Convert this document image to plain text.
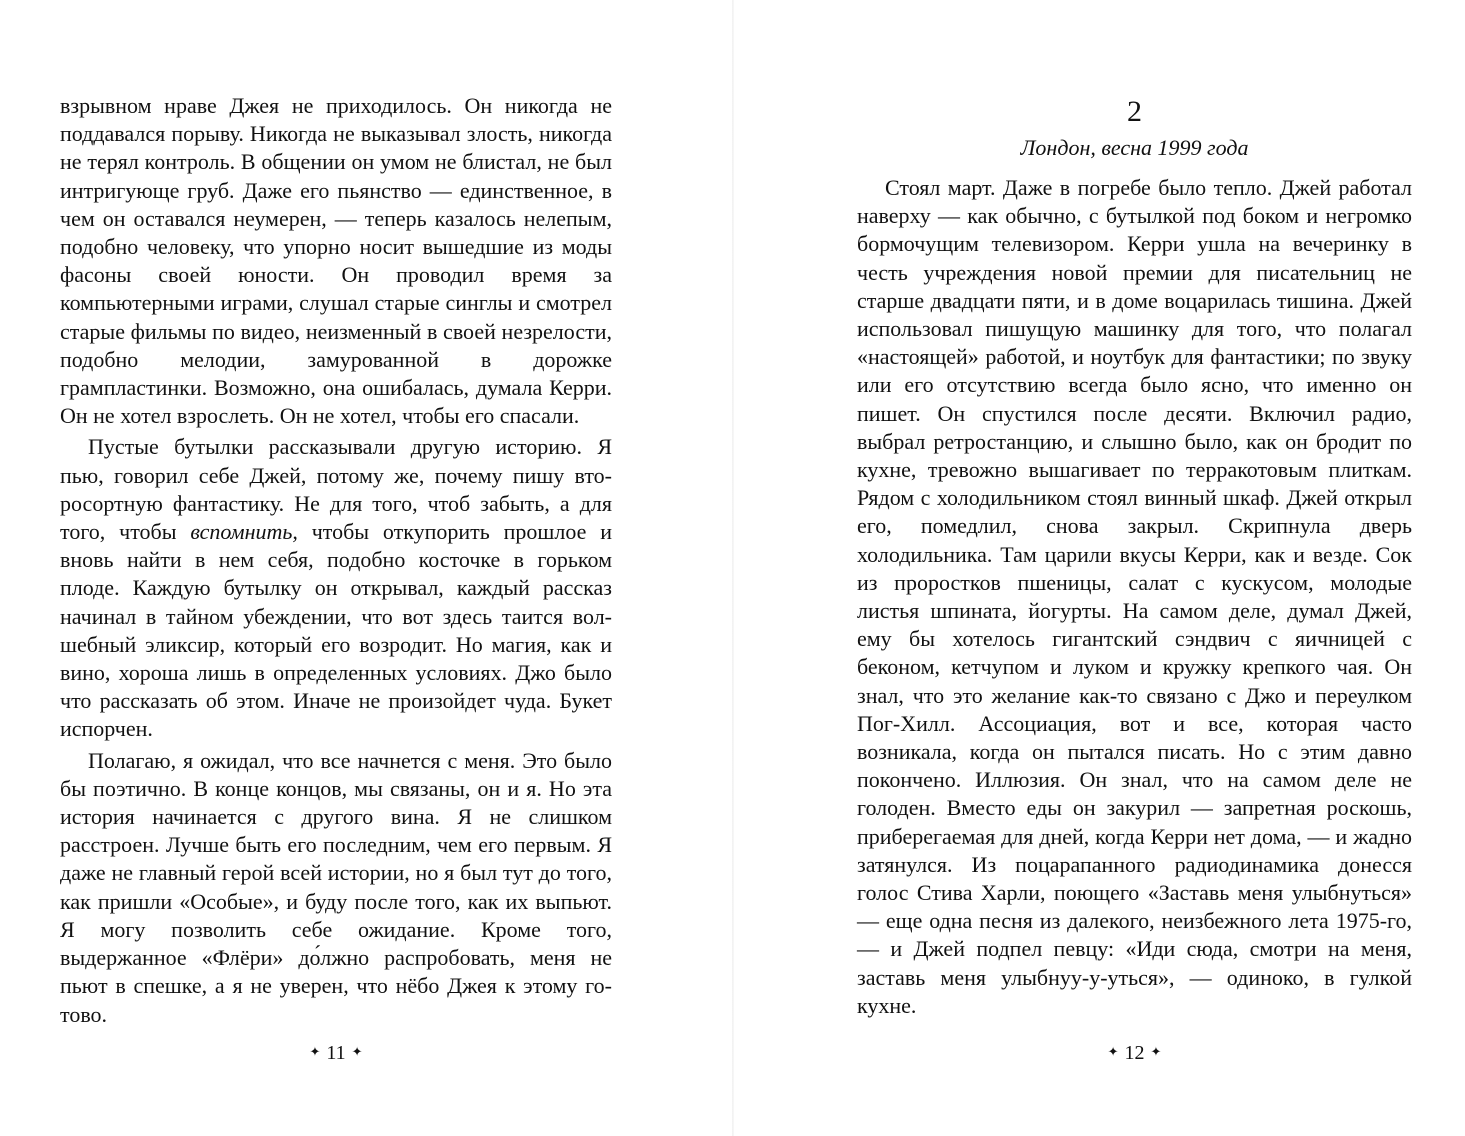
взрывном нраве Джея не приходилось. Он никогда не поддавался порыву. Никогда не выказывал злость, никогда не терял контроль. В общении он умом не блистал, не был интригующе груб. Даже его пьянство — единственное, в чем он оставался неумерен, — теперь казалось нелепым, подобно человеку, что упорно носит вышедшие из моды фасоны своей юности. Он проводил время за компьютерными играми, слушал старые синглы и смотрел старые фильмы по видео, неизменный в своей незрелости, подобно мелодии, замурованной в дорожке грампластинки. Возможно, она ошибалась, думала Керри. Он не хотел взрослеть. Он не хотел, чтобы его спасали.

Пустые бутылки рассказывали другую историю. Я пью, говорил себе Джей, потому же, почему пишу второсортную фантастику. Не для того, чтоб забыть, а для того, чтобы вспомнить, чтобы откупорить прошлое и вновь найти в нем себя, подобно косточке в горьком плоде. Каждую бутылку он открывал, каждый рассказ начинал в тайном убеждении, что вот здесь таится волшебный эликсир, который его возродит. Но магия, как и вино, хороша лишь в определенных условиях. Джо было что рассказать об этом. Иначе не произойдет чуда. Букет испорчен.

Полагаю, я ожидал, что все начнется с меня. Это было бы поэтично. В конце концов, мы связаны, он и я. Но эта история начинается с другого вина. Я не слишком расстроен. Лучше быть его последним, чем его первым. Я даже не главный герой всей истории, но я был тут до того, как пришли «Особые», и буду после того, как их выпьют. Я могу позволить себе ожидание. Кроме того, выдержанное «Флёри» до́лжно распробовать, меня не пьют в спешке, а я не уверен, что нёбо Джея к этому готово.

✦ 11 ✦
2
Лондон, весна 1999 года

Стоял март. Даже в погребе было тепло. Джей работал наверху — как обычно, с бутылкой под боком и негромко бормочущим телевизором. Керри ушла на вечеринку в честь учреждения новой премии для писательниц не старше двадцати пяти, и в доме воцарилась тишина. Джей использовал пишущую машинку для того, что полагал «настоящей» работой, и ноутбук для фантастики; по звуку или его отсутствию всегда было ясно, что именно он пишет. Он спустился после десяти. Включил радио, выбрал ретростанцию, и слышно было, как он бродит по кухне, тревожно вышагивает по терракотовым плиткам. Рядом с холодильником стоял винный шкаф. Джей открыл его, помедлил, снова закрыл. Скрипнула дверь холодильника. Там царили вкусы Керри, как и везде. Сок из проростков пшеницы, салат с кускусом, молодые листья шпината, йогурты. На самом деле, думал Джей, ему бы хотелось гигантский сэндвич с яичницей с беконом, кетчупом и луком и кружку крепкого чая. Он знал, что это желание как-то связано с Джо и переулком Пог-Хилл. Ассоциация, вот и все, которая часто возникала, когда он пытался писать. Но с этим давно покончено. Иллюзия. Он знал, что на самом деле не голоден. Вместо еды он закурил — запретная роскошь, приберегаемая для дней, когда Керри нет дома, — и жадно затянулся. Из поцарапанного радиодинамика донесся голос Стива Харли, поющего «Заставь меня улыбнуться» — еще одна песня из далекого, неизбежного лета 1975-го, — и Джей подпел певцу: «Иди сюда, смотри на меня, заставь меня улыбнуу-у-уться», — одиноко, в гулкой кухне.

✦ 12 ✦
